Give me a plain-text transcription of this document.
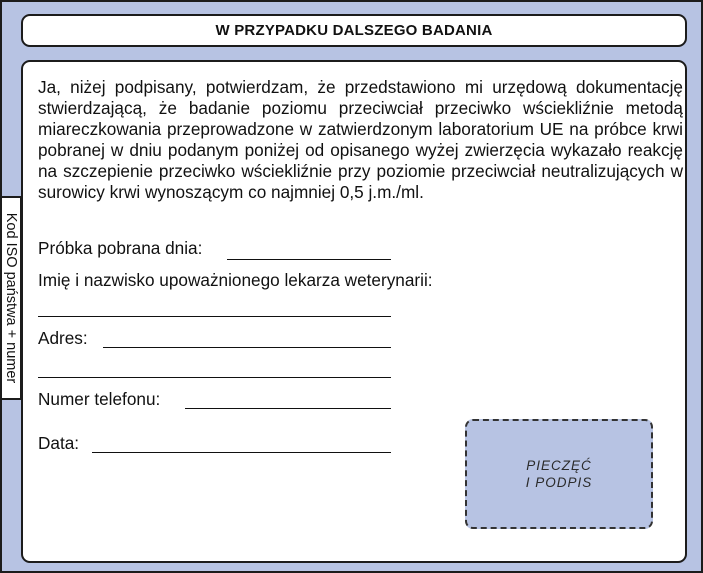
W PRZYPADKU DALSZEGO BADANIA
Kod ISO państwa + numer
Ja, niżej podpisany, potwierdzam, że przedstawiono mi urzędową dokumentację stwierdzającą, że badanie poziomu przeciwciał przeciwko wściekliźnie metodą miareczkowania przeprowadzone w zatwierdzonym laboratorium UE na próbce krwi pobranej w dniu podanym poniżej od opisanego wyżej zwierzęcia wykazało reakcję na szczepienie przeciwko wściekliźnie przy poziomie przeciwciał neutralizujących w surowicy krwi wynoszącym co najmniej 0,5 j.m./ml.
Próbka pobrana dnia:
Imię i nazwisko upoważnionego lekarza weterynarii:
Adres:
Numer telefonu:
Data:
PIECZĘĆ
I PODPIS
